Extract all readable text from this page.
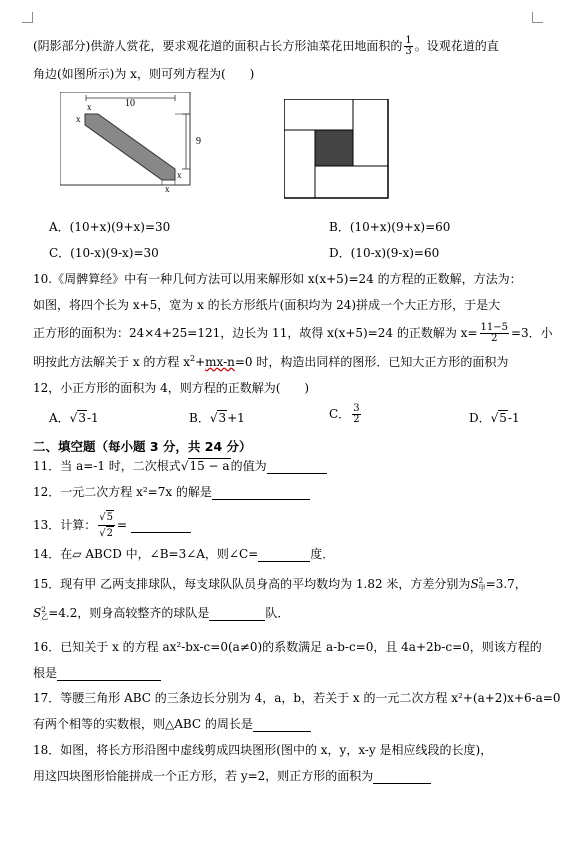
(阴影部分)供游人赏花，要求观花道的面积占长方形油菜花田地面积的 $\frac{1}{3}$ 。设观花道的直
角边(如图所示)为 x，则可列方程为(　　)
10
9
x
x
x
x
A．(10+x)(9+x)=30	B．(10+x)(9+x)=60
C．(10-x)(9-x)=30	D．(10-x)(9-x)=60
10.《周髀算经》中有一种几何方法可以用来解形如 x(x+5)=24 的方程的正数解，方法为：
如图，将四个长为 x+5，宽为 x 的长方形纸片(面积均为 24)拼成一个大正方形，于是大
正方形的面积为：24×4+25=121，边长为 11，故得 x(x+5)=24 的正数解为 $x= \frac{11-5}{2} =3$．小
明按此方法解关于 x 的方程 $x^2+mx-n=0$ 时，构造出同样的图形．已知大正方形的面积为
12，小正方形的面积为 4，则方程的正数解为(　　)
A．√3-1	B．√3+1	C． $\frac{3}{2}$	D．√5-1
二、填空题（每小题 3 分，共 24 分）
11．当 a=-1 时，二次根式√15 − a的值为
12．一元二次方程 x²=7x 的解是
13．计算： $\frac{√5}{√2}$ =
14．在▱ ABCD 中，∠B=3∠A，则∠C=	度．
15．现有甲 乙两支排球队，每支球队队员身高的平均数均为 1.82 米，方差分别为S 2
甲 =3.7，
S 2
乙 =4.2，则身高较整齐的球队是	队．
16．已知关于 x 的方程 ax²-bx-c=0(a≠0)的系数满足 a-b-c=0，且 4a+2b-c=0，则该方程的
根是
17．等腰三角形 ABC 的三条边长分别为 4，a，b，若关于 x 的一元二次方程 x²+(a+2)x+6-a=0
有两个相等的实数根，则△ABC 的周长是
18．如图，将长方形沿图中虚线剪成四块图形(图中的 x，y，x-y 是相应线段的长度)，
用这四块图形恰能拼成一个正方形，若 y=2，则正方形的面积为
